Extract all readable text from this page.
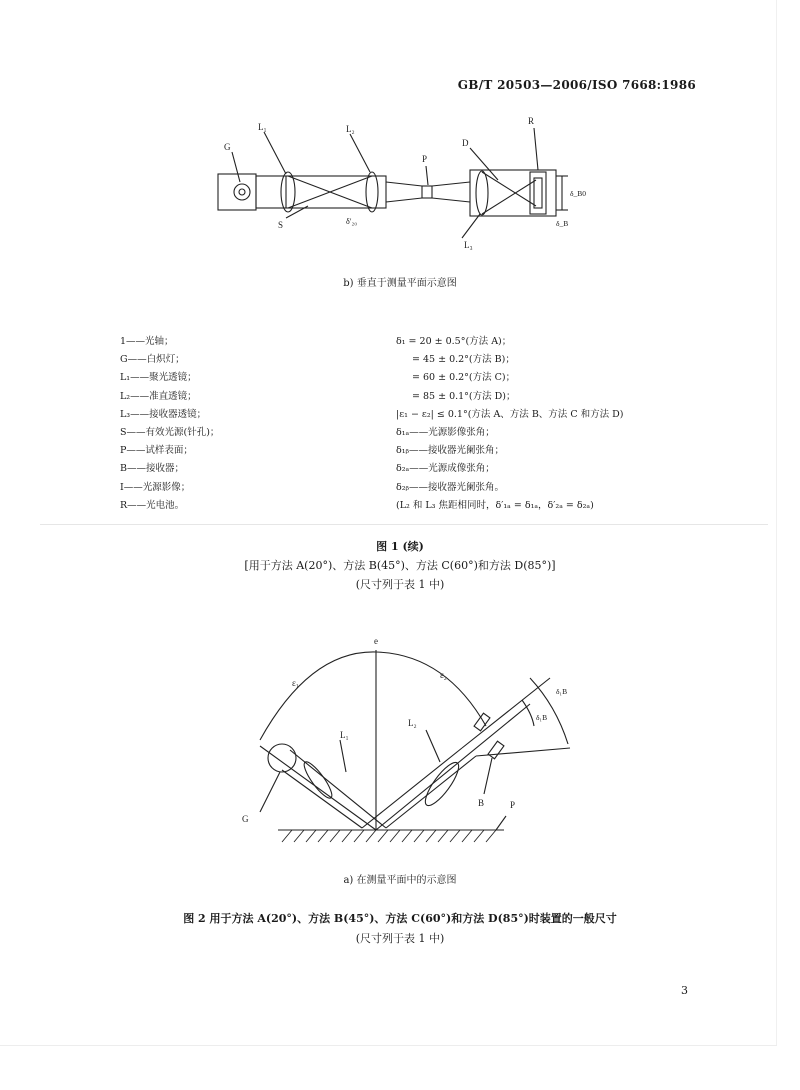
GB/T 20503—2006/ISO 7668:1986
G
L₁	L₂
S	δ′₂₀
P
D
R
L₃
δ_B0
δ_B
b) 垂直于测量平面示意图
1——光轴；
G——白炽灯；
L₁——聚光透镜；
L₂——准直透镜；
L₃——接收器透镜；
S——有效光源(针孔)；
P——试样表面；
B——接收器；
I——光源影像；
R——光电池。
δ₁ = 20 ± 0.5°(方法 A)；
= 45 ± 0.2°(方法 B)；
= 60 ± 0.2°(方法 C)；
= 85 ± 0.1°(方法 D)；
|ε₁ − ε₂| ≤ 0.1°(方法 A、方法 B、方法 C 和方法 D)
δ₁ₐ——光源影像张角；
δ₁ᵦ——接收器光阑张角；
δ₂ₐ——光源成像张角；
δ₂ᵦ——接收器光阑张角。
(L₂ 和 L₃ 焦距相同时，δ′₁ₐ = δ₁ₐ，δ′₂ₐ = δ₂ₐ)
图 1 (续)
[用于方法 A(20°)、方法 B(45°)、方法 C(60°)和方法 D(85°)]
(尺寸列于表 1 中)
e
ε₁
ε₂
L₁
L₂
G
B	P
δ₁B
δ₁B
a) 在测量平面中的示意图
图 2 用于方法 A(20°)、方法 B(45°)、方法 C(60°)和方法 D(85°)时装置的一般尺寸
(尺寸列于表 1 中)
3
